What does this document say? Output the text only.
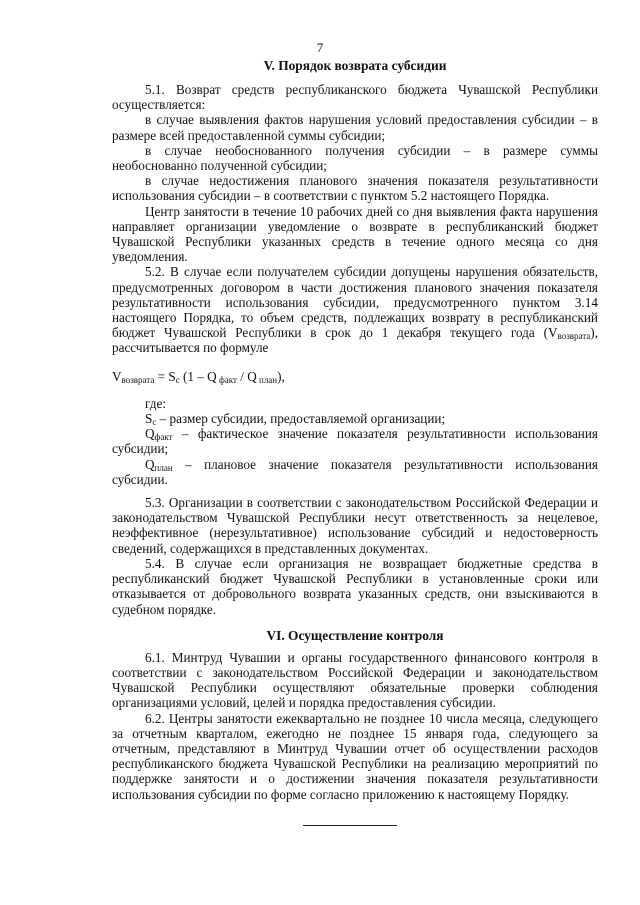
7
V. Порядок возврата субсидии

5.1. Возврат средств республиканского бюджета Чувашской Республики осуществляется:

в случае выявления фактов нарушения условий предоставления субсидии – в размере всей предоставленной суммы субсидии;

в случае необоснованного получения субсидии – в размере суммы необоснованно полученной субсидии;

в случае недостижения планового значения показателя результативности использования субсидии – в соответствии с пунктом 5.2 настоящего Порядка.

Центр занятости в течение 10 рабочих дней со дня выявления факта нарушения направляет организации уведомление о возврате в республиканский бюджет Чувашской Республики указанных средств в течение одного месяца со дня уведомления.

5.2. В случае если получателем субсидии допущены нарушения обязательств, предусмотренных договором в части достижения планового значения показателя результативности использования субсидии, предусмотренного пунктом 3.14 настоящего Порядка, то объем средств, подлежащих возврату в республиканский бюджет Чувашской Республики в срок до 1 декабря текущего года $(V_{возврата})$, рассчитывается по формуле

$V_{возврата} = S_с$ (1 – Q $_{факт}$ / Q $_{план}$),

где:

$S_с$ – размер субсидии, предоставляемой организации;

$Q_{факт}$ – фактическое значение показателя результативности использования субсидии;

$Q_{план}$ – плановое значение показателя результативности использования субсидии.

5.3. Организации в соответствии с законодательством Российской Федерации и законодательством Чувашской Республики несут ответственность за нецелевое, неэффективное (нерезультативное) использование субсидий и недостоверность сведений, содержащихся в представленных документах.

5.4. В случае если организация не возвращает бюджетные средства в республиканский бюджет Чувашской Республики в установленные сроки или отказывается от добровольного возврата указанных средств, они взыскиваются в судебном порядке.

VI. Осуществление контроля

6.1. Минтруд Чувашии и органы государственного финансового контроля в соответствии с законодательством Российской Федерации и законодательством Чувашской Республики осуществляют обязательные проверки соблюдения организациями условий, целей и порядка предоставления субсидии.

6.2. Центры занятости ежеквартально не позднее 10 числа месяца, следующего за отчетным кварталом, ежегодно не позднее 15 января года, следующего за отчетным, представляют в Минтруд Чувашии отчет об осуществлении расходов республиканского бюджета Чувашской Республики на реализацию мероприятий по поддержке занятости и о достижении значения показателя результативности использования субсидии по форме согласно приложению к настоящему Порядку.
